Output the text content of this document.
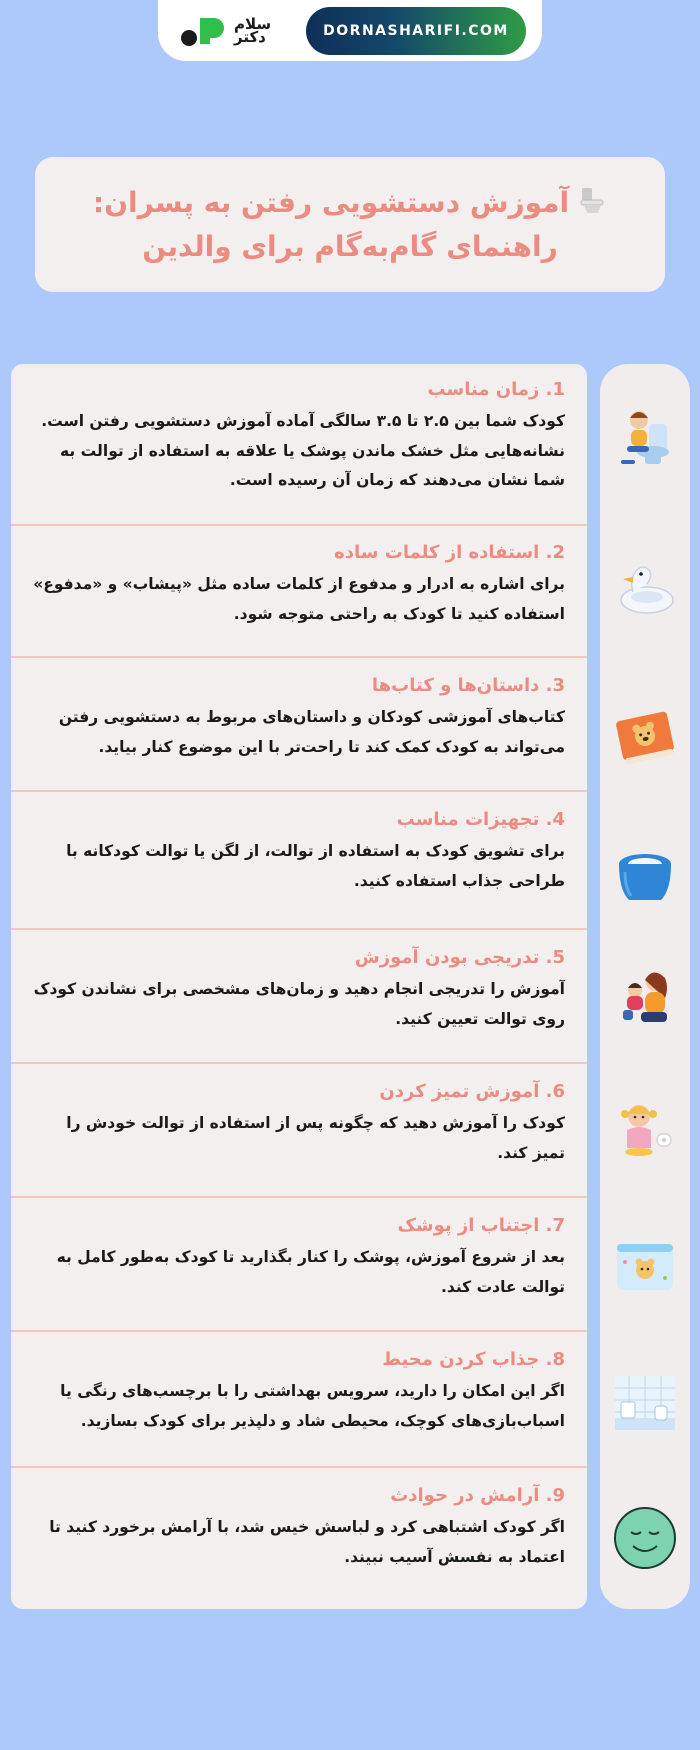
سلام
دکتر	DORNASHARIFI.COM
آموزش دستشویی رفتن به پسران: راهنمای گام‌به‌گام برای والدین
1. زمان مناسب
کودک شما بین ۲.۵ تا ۳.۵ سالگی آماده آموزش دستشویی رفتن است. نشانه‌هایی مثل خشک ماندن پوشک یا علاقه به استفاده از توالت به شما نشان می‌دهند که زمان آن رسیده است.
2. استفاده از کلمات ساده
برای اشاره به ادرار و مدفوع از کلمات ساده مثل «پیشاب» و «مدفوع» استفاده کنید تا کودک به راحتی متوجه شود.
3. داستان‌ها و کتاب‌ها
کتاب‌های آموزشی کودکان و داستان‌های مربوط به دستشویی رفتن می‌تواند به کودک کمک کند تا راحت‌تر با این موضوع کنار بیاید.
4. تجهیزات مناسب
برای تشویق کودک به استفاده از توالت، از لگن یا توالت کودکانه با طراحی جذاب استفاده کنید.
5. تدریجی بودن آموزش
آموزش را تدریجی انجام دهید و زمان‌های مشخصی برای نشاندن کودک روی توالت تعیین کنید.
6. آموزش تمیز کردن
کودک را آموزش دهید که چگونه پس از استفاده از توالت خودش را تمیز کند.
7. اجتناب از پوشک
بعد از شروع آموزش، پوشک را کنار بگذارید تا کودک به‌طور کامل به توالت عادت کند.
8. جذاب کردن محیط
اگر این امکان را دارید، سرویس بهداشتی را با برچسب‌های رنگی یا اسباب‌بازی‌های کوچک، محیطی شاد و دلپذیر برای کودک بسازید.
9. آرامش در حوادث
اگر کودک اشتباهی کرد و لباسش خیس شد، با آرامش برخورد کنید تا اعتماد به نفسش آسیب نبیند.
